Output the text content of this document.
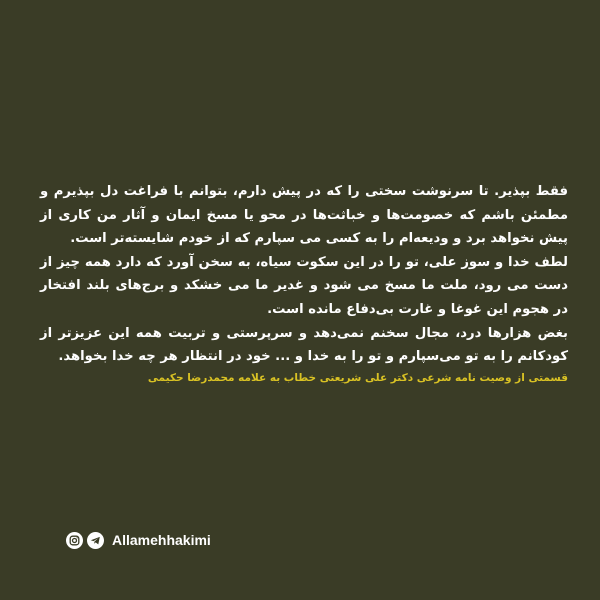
فقط بپذیر. تا سرنوشت سختی را که در پیش دارم، بتوانم با فراغت دل بپذیرم و مطمئن باشم که خصومت‌ها و خباثت‌ها در محو یا مسخ ایمان و آثار من کاری از پیش نخواهد برد و ودیعه‌ام را به کسی می سپارم که از خودم شایسته‌تر است.
لطف خدا و سوز علی، تو را در این سکوت سیاه، به سخن آورد که دارد همه چیز از دست می رود، ملت ما مسخ می شود و غدیر ما می خشکد و برج‌های بلند افتخار در هجوم این غوغا و غارت بی‌دفاع مانده است.
بغض هزارها درد، مجال سخنم نمی‌دهد و سرپرستی و تربیت همه این عزیزتر از کودکانم را به تو می‌سپارم و تو را به خدا و ... خود در انتظار هر چه خدا بخواهد.
قسمتی از وصیت نامه شرعی دکتر علی شریعتی خطاب به علامه محمدرضا حکیمی
Allamehhakimi
